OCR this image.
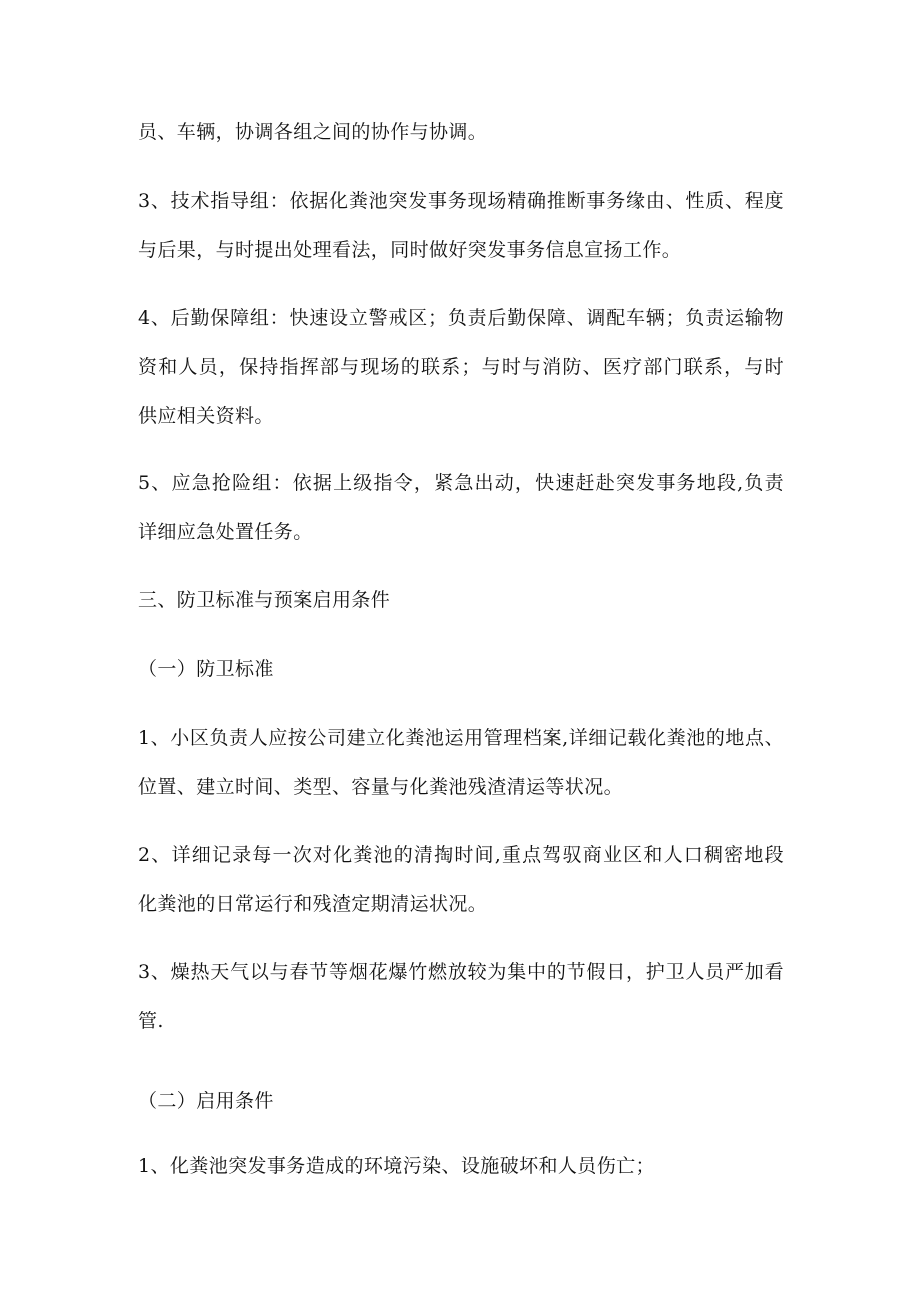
员、车辆，协调各组之间的协作与协调。

3、技术指导组：依据化粪池突发事务现场精确推断事务缘由、性质、程度
与后果，与时提出处理看法，同时做好突发事务信息宣扬工作。

4、后勤保障组：快速设立警戒区；负责后勤保障、调配车辆；负责运输物
资和人员，保持指挥部与现场的联系；与时与消防、医疗部门联系，与时
供应相关资料。

5、应急抢险组：依据上级指令，紧急出动，快速赶赴突发事务地段,负责
详细应急处置任务。

三、防卫标准与预案启用条件

（一）防卫标准

1、小区负责人应按公司建立化粪池运用管理档案,详细记载化粪池的地点、
位置、建立时间、类型、容量与化粪池残渣清运等状况。

2、详细记录每一次对化粪池的清掏时间,重点驾驭商业区和人口稠密地段
化粪池的日常运行和残渣定期清运状况。

3、燥热天气以与春节等烟花爆竹燃放较为集中的节假日，护卫人员严加看
管.

（二）启用条件

1、化粪池突发事务造成的环境污染、设施破坏和人员伤亡；
